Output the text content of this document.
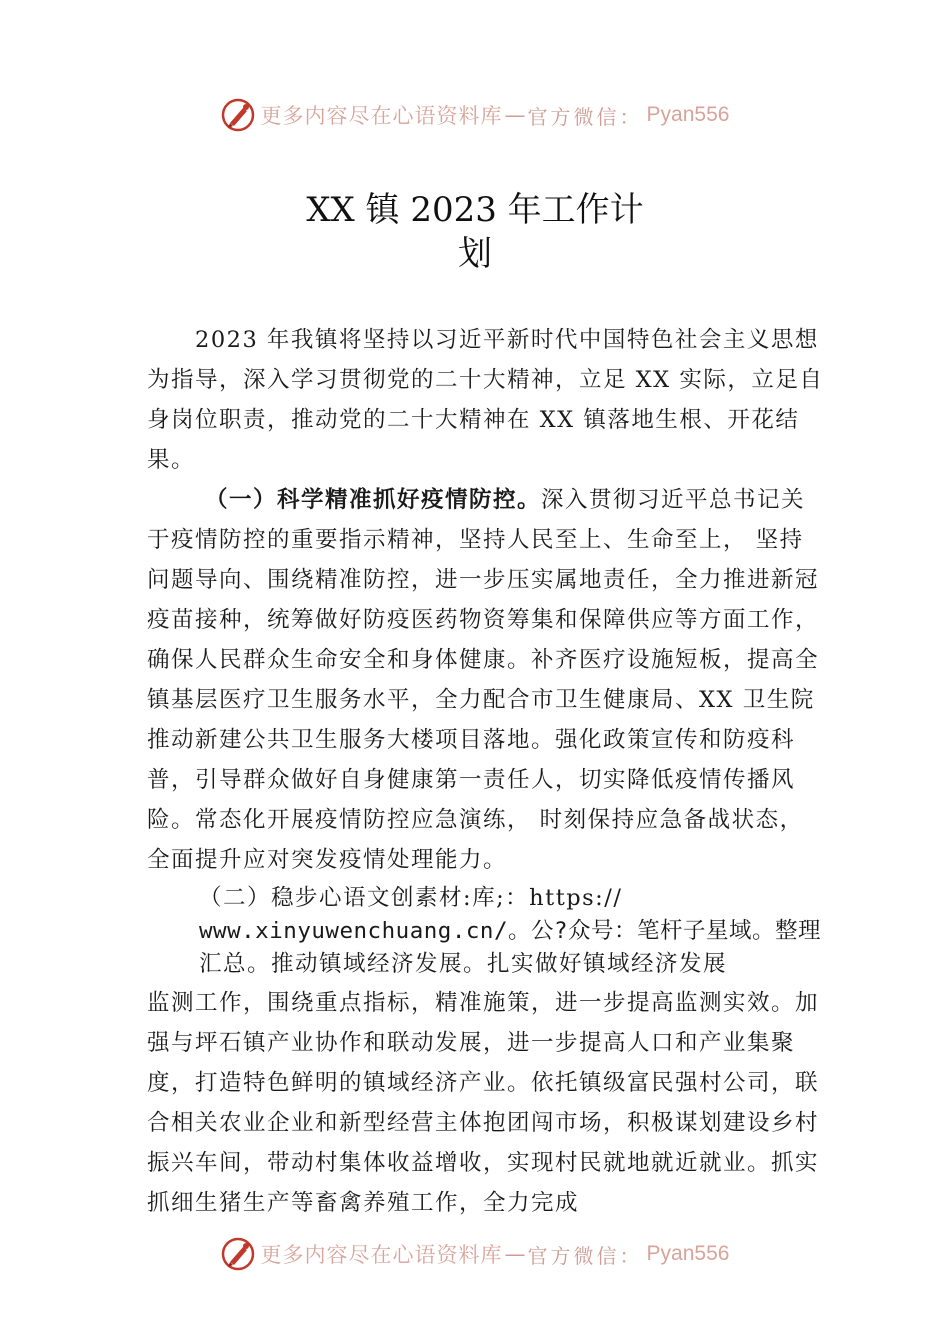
更多内容尽在心语资料库 — 官方微信： Pyan556
XX 镇 2023 年工作计
划

2023 年我镇将坚持以习近平新时代中国特色社会主义思想为指导，深入学习贯彻党的二十大精神，立足 XX 实际，立足自身岗位职责，推动党的二十大精神在 XX 镇落地生根、开花结果。

（一）科学精准抓好疫情防控。深入贯彻习近平总书记关于疫情防控的重要指示精神，坚持人民至上、生命至上， 坚持问题导向、围绕精准防控，进一步压实属地责任，全力推进新冠疫苗接种，统筹做好防疫医药物资筹集和保障供应等方面工作，确保人民群众生命安全和身体健康。补齐医疗设施短板，提高全镇基层医疗卫生服务水平，全力配合市卫生健康局、XX 卫生院推动新建公共卫生服务大楼项目落地。强化政策宣传和防疫科普，引导群众做好自身健康第一责任人，切实降低疫情传播风险。常态化开展疫情防控应急演练， 时刻保持应急备战状态，全面提升应对突发疫情处理能力。

（二）稳步心语文创素材:库;：https://
www.xinyuwenchuang.cn/。公?众号：笔杆子星域。整理
汇总。推动镇域经济发展。扎实做好镇域经济发展

监测工作，围绕重点指标，精准施策，进一步提高监测实效。加强与坪石镇产业协作和联动发展，进一步提高人口和产业集聚度，打造特色鲜明的镇域经济产业。依托镇级富民强村公司，联合相关农业企业和新型经营主体抱团闯市场，积极谋划建设乡村振兴车间，带动村集体收益增收，实现村民就地就近就业。抓实抓细生猪生产等畜禽养殖工作，全力完成

更多内容尽在心语资料库 — 官方微信： Pyan556
